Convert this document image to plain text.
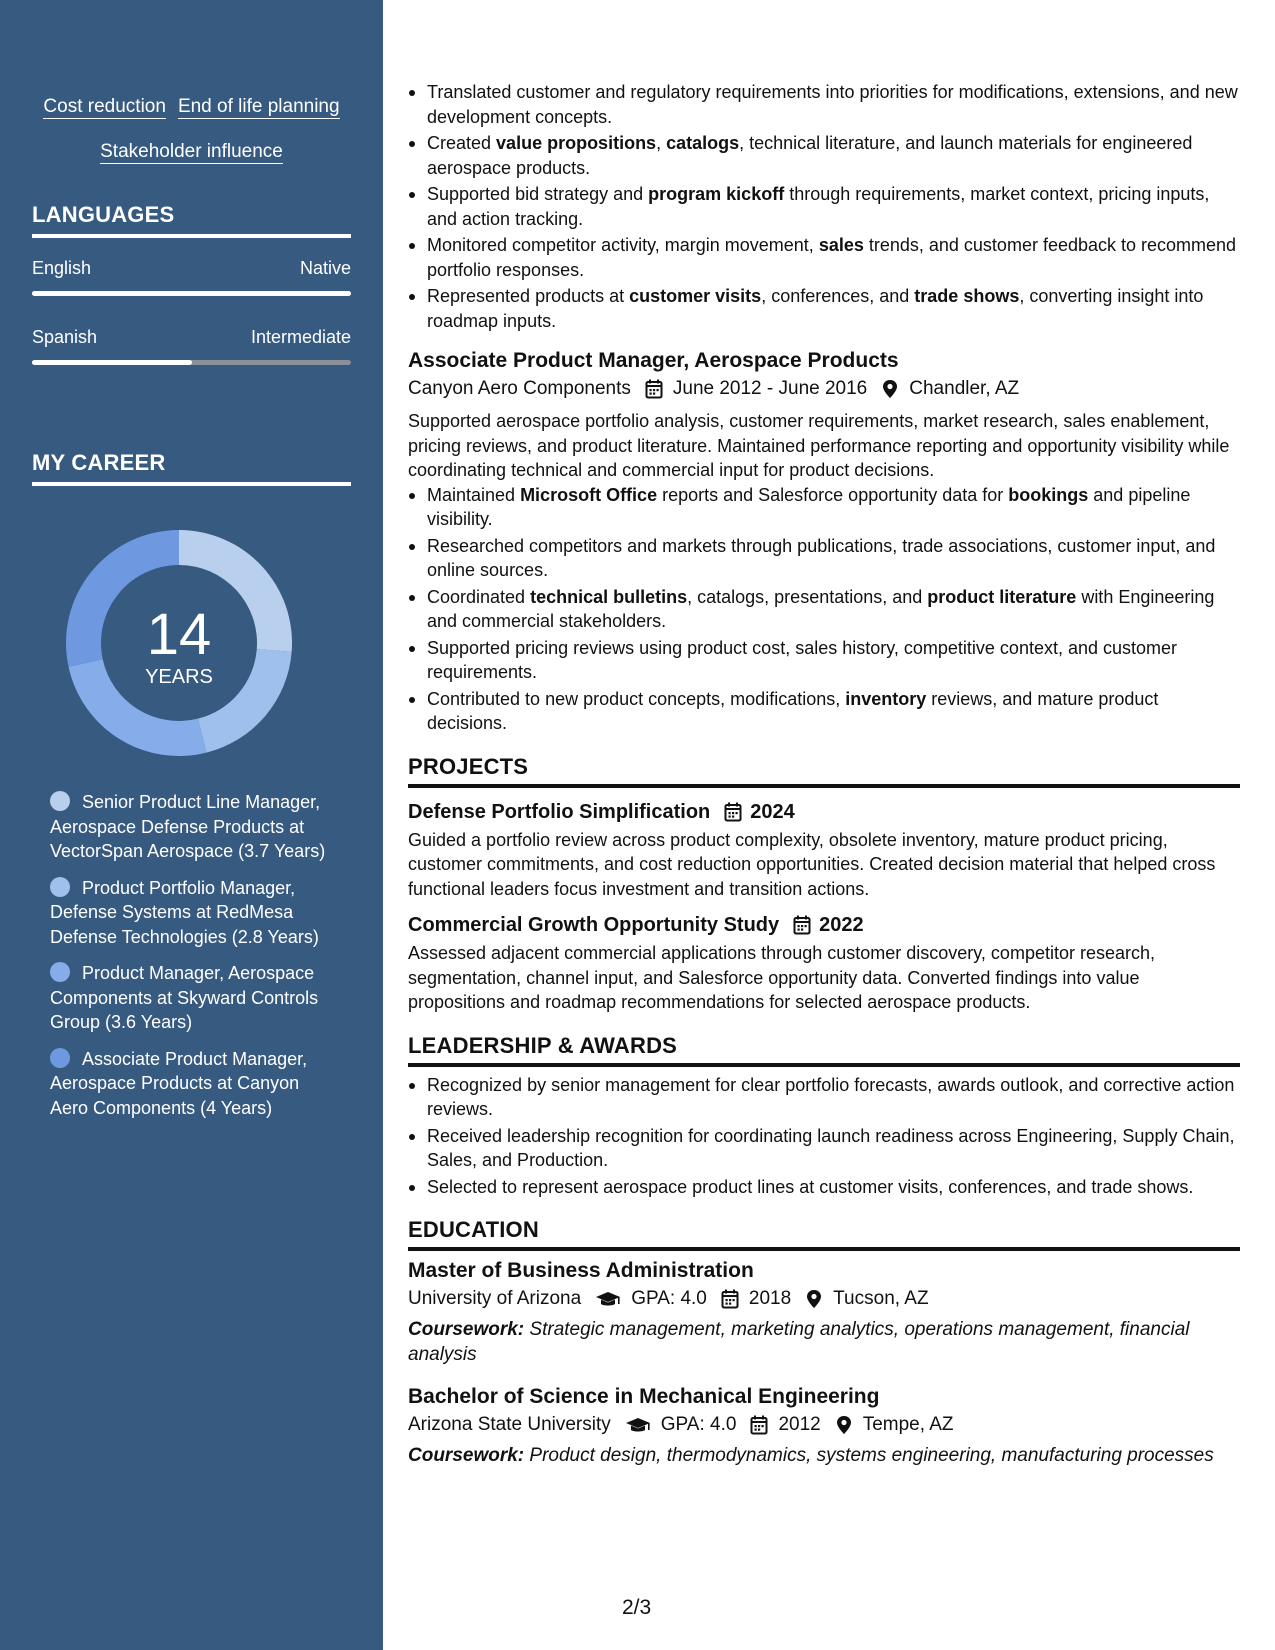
Cost reduction End of life planning
Stakeholder influence
LANGUAGES
English	Native
Spanish	Intermediate
MY CAREER
14
YEARS
Senior Product Line Manager, Aerospace Defense Products at VectorSpan Aerospace (3.7 Years)
Product Portfolio Manager, Defense Systems at RedMesa Defense Technologies (2.8 Years)
Product Manager, Aerospace Components at Skyward Controls Group (3.6 Years)
Associate Product Manager, Aerospace Products at Canyon Aero Components (4 Years)
Translated customer and regulatory requirements into priorities for modifications, extensions, and new development concepts.
Created value propositions, catalogs, technical literature, and launch materials for engineered aerospace products.
Supported bid strategy and program kickoff through requirements, market context, pricing inputs, and action tracking.
Monitored competitor activity, margin movement, sales trends, and customer feedback to recommend portfolio responses.
Represented products at customer visits, conferences, and trade shows, converting insight into roadmap inputs.
Associate Product Manager, Aerospace Products
Canyon Aero Components June 2012 - June 2016 Chandler, AZ
Supported aerospace portfolio analysis, customer requirements, market research, sales enablement, pricing reviews, and product literature. Maintained performance reporting and opportunity visibility while coordinating technical and commercial input for product decisions.
Maintained Microsoft Office reports and Salesforce opportunity data for bookings and pipeline visibility.
Researched competitors and markets through publications, trade associations, customer input, and online sources.
Coordinated technical bulletins, catalogs, presentations, and product literature with Engineering and commercial stakeholders.
Supported pricing reviews using product cost, sales history, competitive context, and customer requirements.
Contributed to new product concepts, modifications, inventory reviews, and mature product decisions.
PROJECTS
Defense Portfolio Simplification 2024
Guided a portfolio review across product complexity, obsolete inventory, mature product pricing, customer commitments, and cost reduction opportunities. Created decision material that helped cross functional leaders focus investment and transition actions.
Commercial Growth Opportunity Study 2022
Assessed adjacent commercial applications through customer discovery, competitor research, segmentation, channel input, and Salesforce opportunity data. Converted findings into value propositions and roadmap recommendations for selected aerospace products.
LEADERSHIP & AWARDS
Recognized by senior management for clear portfolio forecasts, awards outlook, and corrective action reviews.
Received leadership recognition for coordinating launch readiness across Engineering, Supply Chain, Sales, and Production.
Selected to represent aerospace product lines at customer visits, conferences, and trade shows.
EDUCATION
Master of Business Administration
University of Arizona	GPA: 4.0 2018 Tucson, AZ
Coursework: Strategic management, marketing analytics, operations management, financial analysis
Bachelor of Science in Mechanical Engineering
Arizona State University	GPA: 4.0 2012 Tempe, AZ
Coursework: Product design, thermodynamics, systems engineering, manufacturing processes
2/3
